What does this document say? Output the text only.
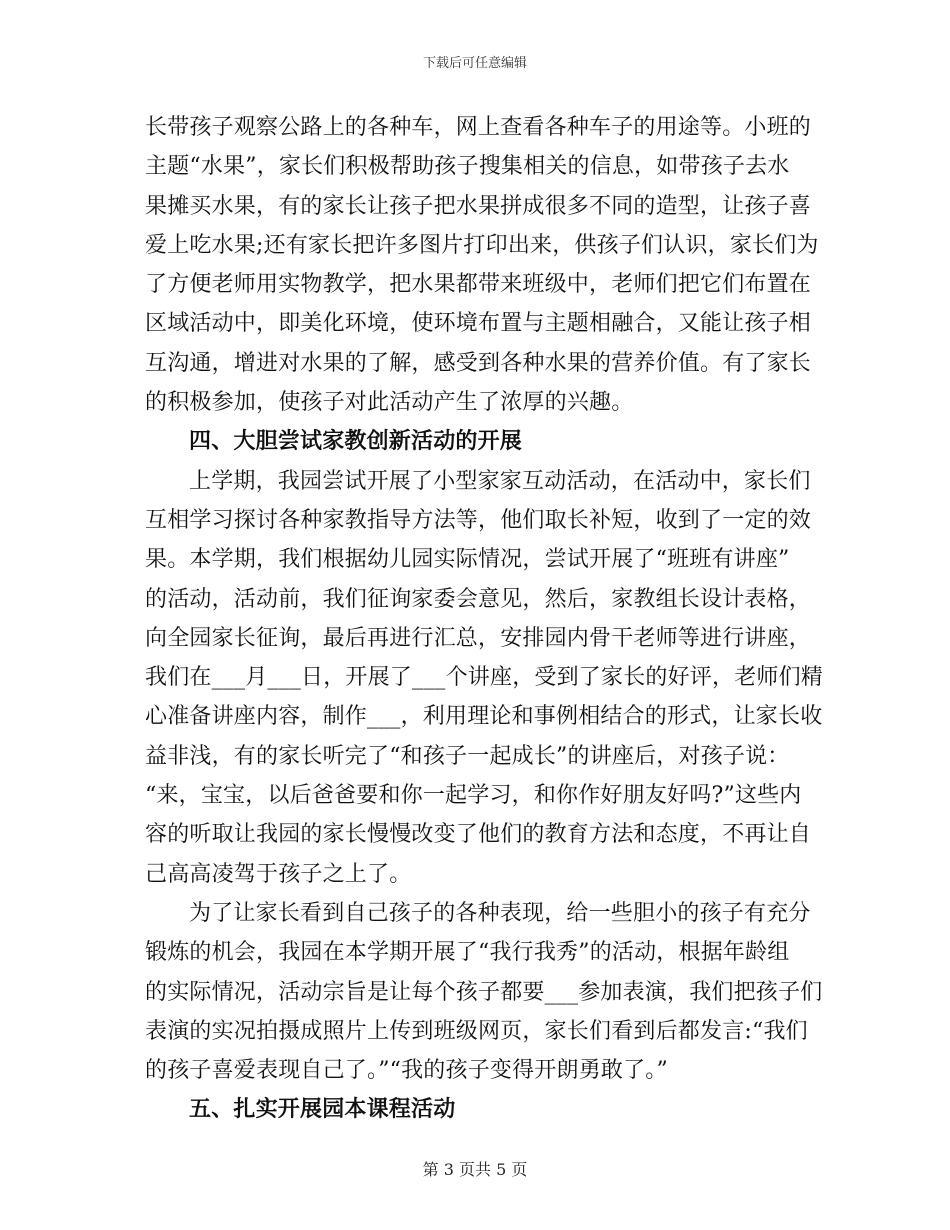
下载后可任意编辑
长带孩子观察公路上的各种车，网上查看各种车子的用途等。小班的
主题“水果”，家长们积极帮助孩子搜集相关的信息，如带孩子去水
果摊买水果，有的家长让孩子把水果拼成很多不同的造型，让孩子喜
爱上吃水果;还有家长把许多图片打印出来，供孩子们认识，家长们为
了方便老师用实物教学，把水果都带来班级中，老师们把它们布置在
区域活动中，即美化环境，使环境布置与主题相融合，又能让孩子相
互沟通，增进对水果的了解，感受到各种水果的营养价值。有了家长
的积极参加，使孩子对此活动产生了浓厚的兴趣。
四、大胆尝试家教创新活动的开展
上学期，我园尝试开展了小型家家互动活动，在活动中，家长们
互相学习探讨各种家教指导方法等，他们取长补短，收到了一定的效
果。本学期，我们根据幼儿园实际情况，尝试开展了“班班有讲座”
的活动，活动前，我们征询家委会意见，然后，家教组长设计表格，
向全园家长征询，最后再进行汇总，安排园内骨干老师等进行讲座，
我们在___月___日，开展了___个讲座，受到了家长的好评，老师们精
心准备讲座内容，制作___，利用理论和事例相结合的形式，让家长收
益非浅，有的家长听完了“和孩子一起成长”的讲座后，对孩子说：
“来，宝宝，以后爸爸要和你一起学习，和你作好朋友好吗?”这些内
容的听取让我园的家长慢慢改变了他们的教育方法和态度，不再让自
己高高凌驾于孩子之上了。
为了让家长看到自己孩子的各种表现，给一些胆小的孩子有充分
锻炼的机会，我园在本学期开展了“我行我秀”的活动，根据年龄组
的实际情况，活动宗旨是让每个孩子都要___参加表演，我们把孩子们
表演的实况拍摄成照片上传到班级网页，家长们看到后都发言:“我们
的孩子喜爱表现自己了。”“我的孩子变得开朗勇敢了。”
五、扎实开展园本课程活动
第 3 页共 5 页
